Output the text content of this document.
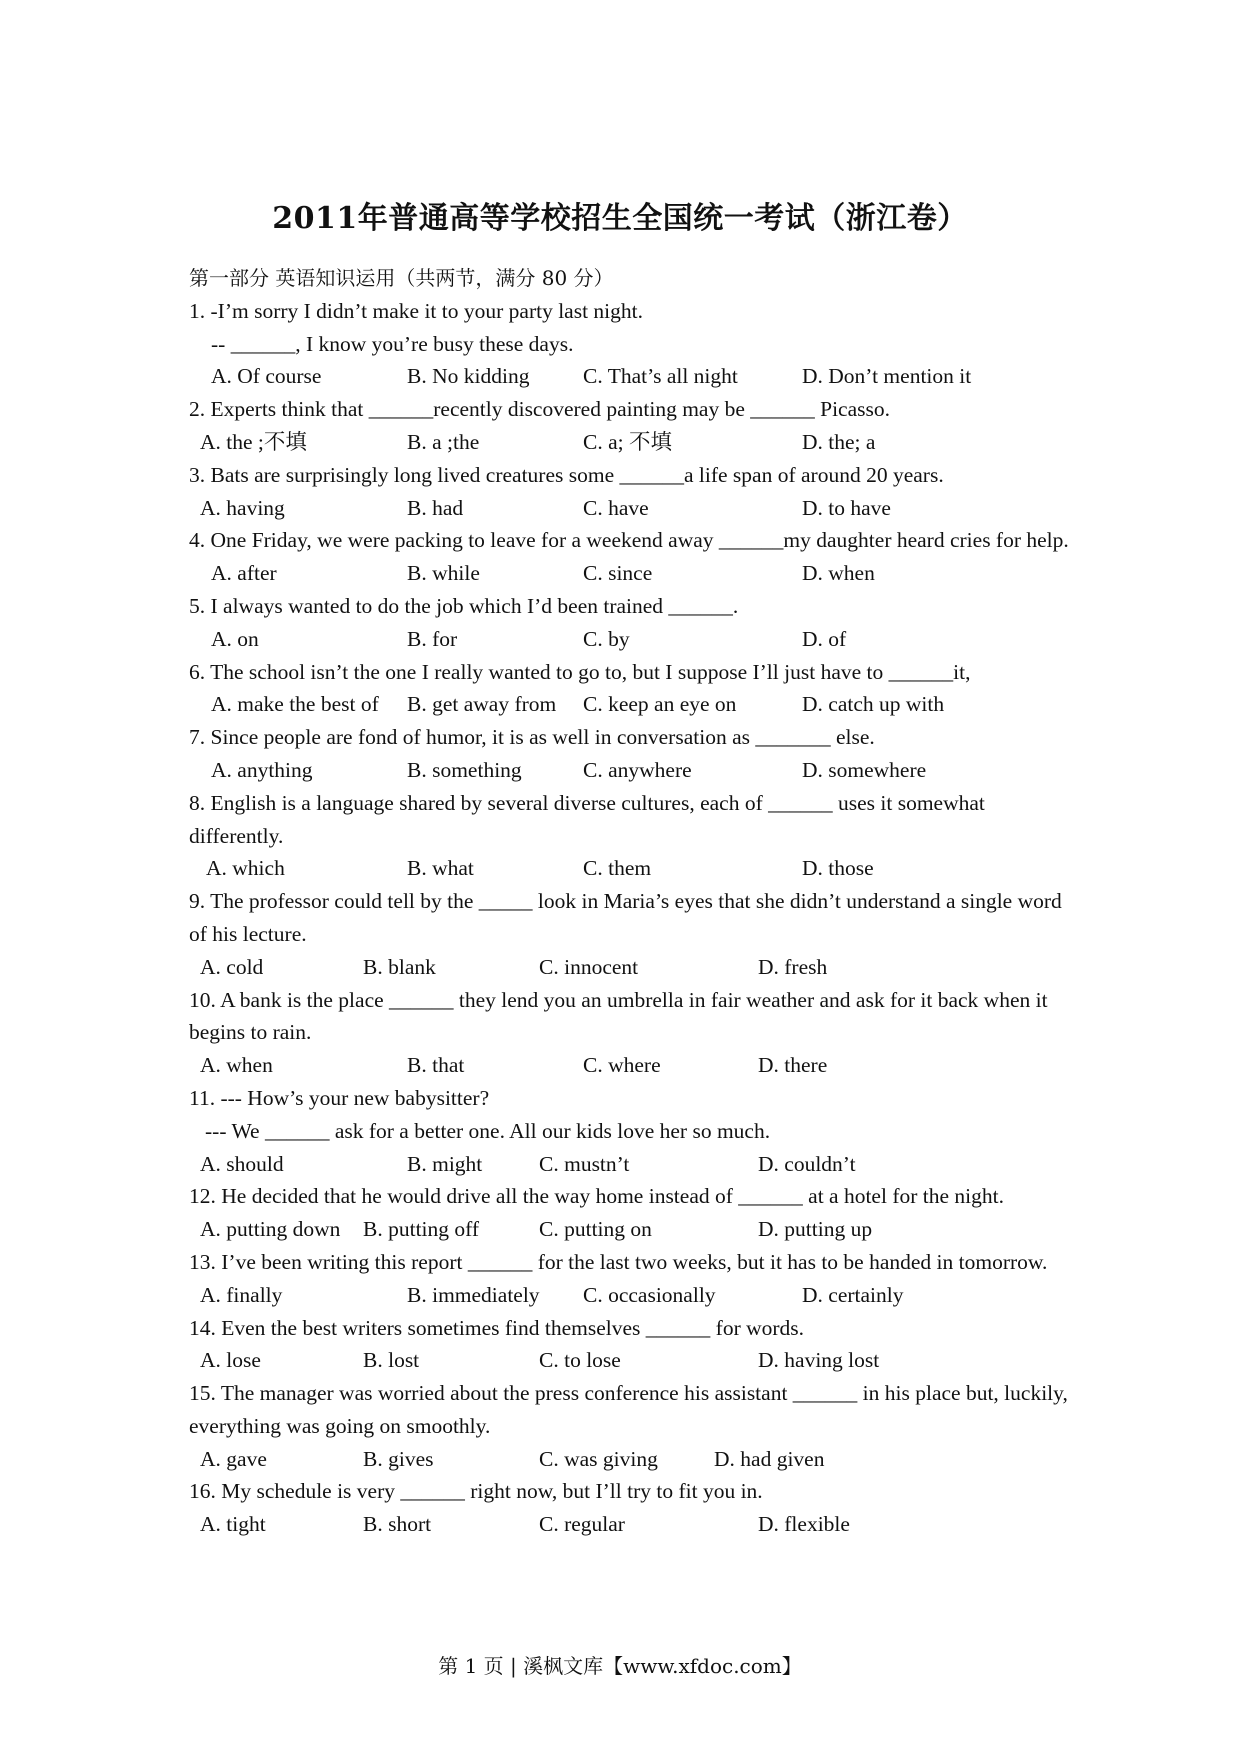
2011年普通高等学校招生全国统一考试（浙江卷）
第一部分 英语知识运用（共两节，满分 80 分）
1. -I’m sorry I didn’t make it to your party last night.
-- ______, I know you’re busy these days.
A. Of course	B. No kidding C. That’s all night	D. Don’t mention it
2. Experts think that ______recently discovered painting may be ______ Picasso.
A. the ;不填	B. a ;the	C. a; 不填	D. the; a
3. Bats are surprisingly long lived creatures some ______a life span of around 20 years.
A. having	B. had	C. have	D. to have
4. One Friday, we were packing to leave for a weekend away ______my daughter heard cries for help.
A. after	B. while	C. since	D. when
5. I always wanted to do the job which I’d been trained ______.
A. on	B. for	C. by	D. of
6. The school isn’t the one I really wanted to go to, but I suppose I’ll just have to ______it,
A. make the best of B. get away from C. keep an eye on	D. catch up with
7. Since people are fond of humor, it is as well in conversation as _______ else.
A. anything	B. something	C. anywhere	D. somewhere
8. English is a language shared by several diverse cultures, each of ______ uses it somewhat differently.
A. which	B. what	C. them	D. those
9. The professor could tell by the _____ look in Maria’s eyes that she didn’t understand a single word of his lecture.
A. cold	B. blank	C. innocent	D. fresh
10. A bank is the place ______ they lend you an umbrella in fair weather and ask for it back when it begins to rain.
A. when	B. that	C. where	D. there
11. --- How’s your new babysitter?
--- We ______ ask for a better one. All our kids love her so much.
A. should	B. might	C. mustn’t	D. couldn’t
12. He decided that he would drive all the way home instead of ______ at a hotel for the night.
A. putting down B. putting off	C. putting on	D. putting up
13. I’ve been writing this report ______ for the last two weeks, but it has to be handed in tomorrow.
A. finally	B. immediately C. occasionally	D. certainly
14. Even the best writers sometimes find themselves ______ for words.
A. lose	B. lost	C. to lose	D. having lost
15. The manager was worried about the press conference his assistant ______ in his place but, luckily, everything was going on smoothly.
A. gave	B. gives	C. was giving	D. had given
16. My schedule is very ______ right now, but I’ll try to fit you in.
A. tight	B. short	C. regular	D. flexible
第 1 页 | 溪枫文库【www.xfdoc.com】
